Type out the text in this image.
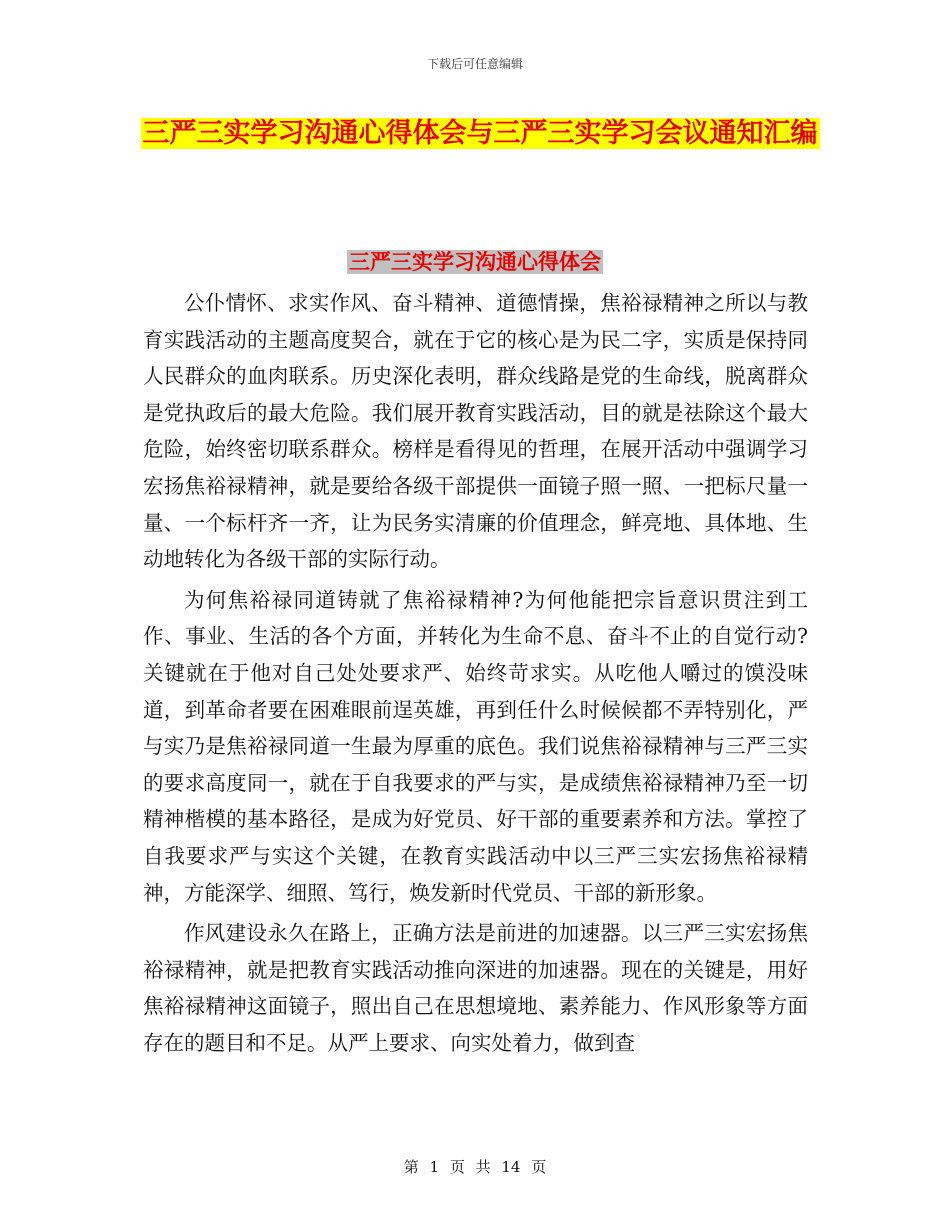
下载后可任意编辑
三严三实学习沟通心得体会与三严三实学习会议通知汇编
三严三实学习沟通心得体会

公仆情怀、求实作风、奋斗精神、道德情操，焦裕禄精神之所以与教育实践活动的主题高度契合，就在于它的核心是为民二字，实质是保持同人民群众的血肉联系。历史深化表明，群众线路是党的生命线，脱离群众是党执政后的最大危险。我们展开教育实践活动，目的就是祛除这个最大危险，始终密切联系群众。榜样是看得见的哲理，在展开活动中强调学习宏扬焦裕禄精神，就是要给各级干部提供一面镜子照一照、一把标尺量一量、一个标杆齐一齐，让为民务实清廉的价值理念，鲜亮地、具体地、生动地转化为各级干部的实际行动。

为何焦裕禄同道铸就了焦裕禄精神?为何他能把宗旨意识贯注到工作、事业、生活的各个方面，并转化为生命不息、奋斗不止的自觉行动?关键就在于他对自己处处要求严、始终苛求实。从吃他人嚼过的馍没味道，到革命者要在困难眼前逞英雄，再到任什么时候候都不弄特别化，严与实乃是焦裕禄同道一生最为厚重的底色。我们说焦裕禄精神与三严三实的要求高度同一，就在于自我要求的严与实，是成绩焦裕禄精神乃至一切精神楷模的基本路径，是成为好党员、好干部的重要素养和方法。掌控了自我要求严与实这个关键，在教育实践活动中以三严三实宏扬焦裕禄精神，方能深学、细照、笃行，焕发新时代党员、干部的新形象。

作风建设永久在路上，正确方法是前进的加速器。以三严三实宏扬焦裕禄精神，就是把教育实践活动推向深进的加速器。现在的关键是，用好焦裕禄精神这面镜子，照出自己在思想境地、素养能力、作风形象等方面存在的题目和不足。从严上要求、向实处着力，做到查

第 1 页 共 14 页
